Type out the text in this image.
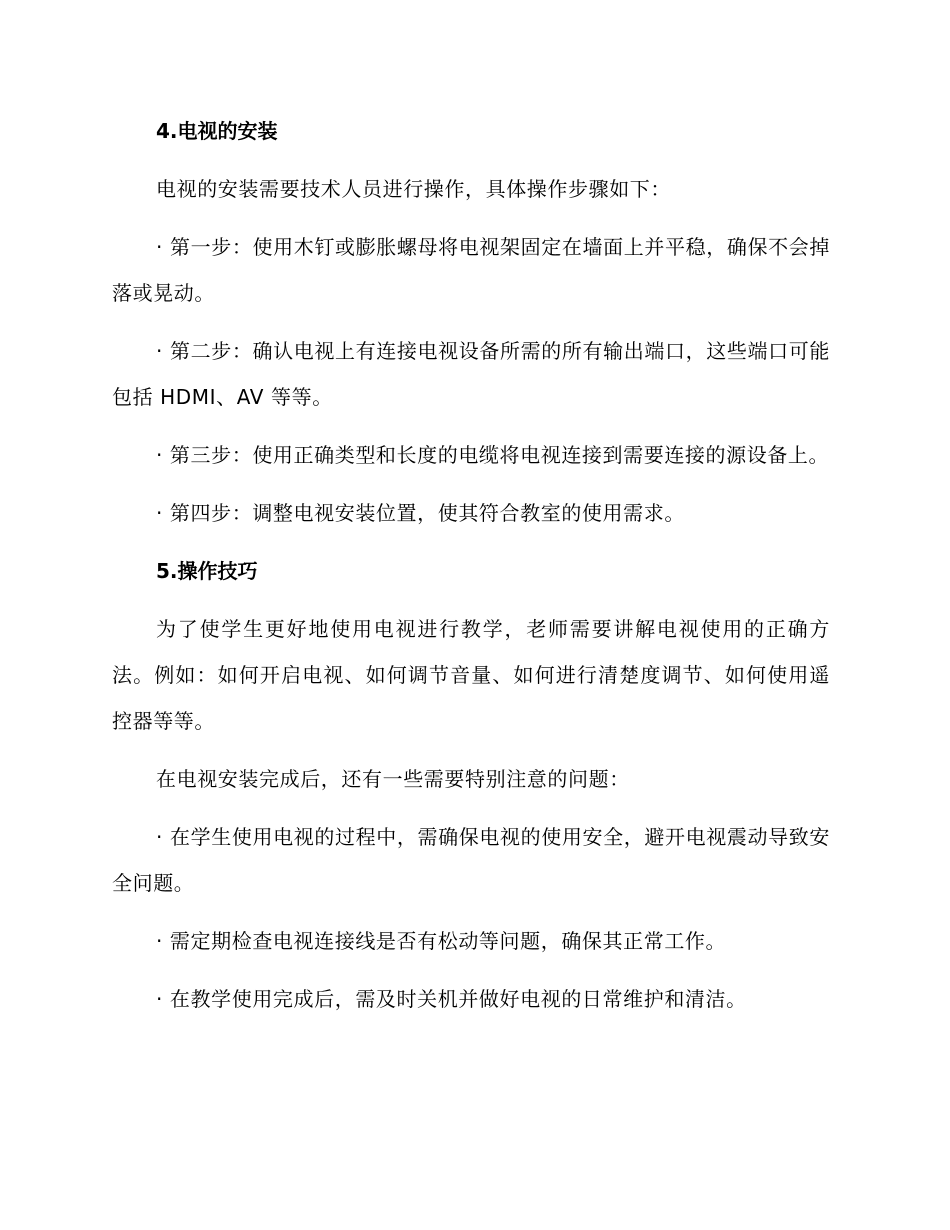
4.电视的安装

电视的安装需要技术人员进行操作，具体操作步骤如下：

· 第一步：使用木钉或膨胀螺母将电视架固定在墙面上并平稳，确保不会掉落或晃动。

· 第二步：确认电视上有连接电视设备所需的所有输出端口，这些端口可能包括 HDMI、AV 等等。

· 第三步：使用正确类型和长度的电缆将电视连接到需要连接的源设备上。

· 第四步：调整电视安装位置，使其符合教室的使用需求。

5.操作技巧

为了使学生更好地使用电视进行教学，老师需要讲解电视使用的正确方法。例如：如何开启电视、如何调节音量、如何进行清楚度调节、如何使用遥控器等等。

在电视安装完成后，还有一些需要特别注意的问题：

· 在学生使用电视的过程中，需确保电视的使用安全，避开电视震动导致安全问题。

· 需定期检查电视连接线是否有松动等问题，确保其正常工作。

· 在教学使用完成后，需及时关机并做好电视的日常维护和清洁。
